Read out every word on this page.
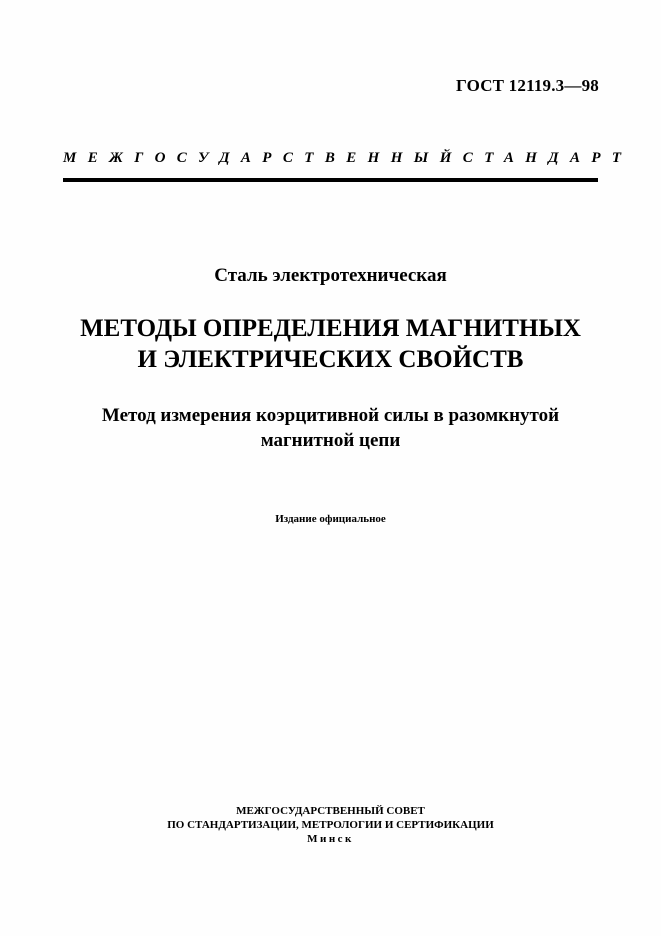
ГОСТ 12119.3—98
МЕЖГОСУДАРСТВЕННЫЙ СТАНДАРТ
Сталь электротехническая
МЕТОДЫ ОПРЕДЕЛЕНИЯ МАГНИТНЫХ
И ЭЛЕКТРИЧЕСКИХ СВОЙСТВ
Метод измерения коэрцитивной силы в разомкнутой
магнитной цепи
Издание официальное
МЕЖГОСУДАРСТВЕННЫЙ СОВЕТ
ПО СТАНДАРТИЗАЦИИ, МЕТРОЛОГИИ И СЕРТИФИКАЦИИ
Минск
